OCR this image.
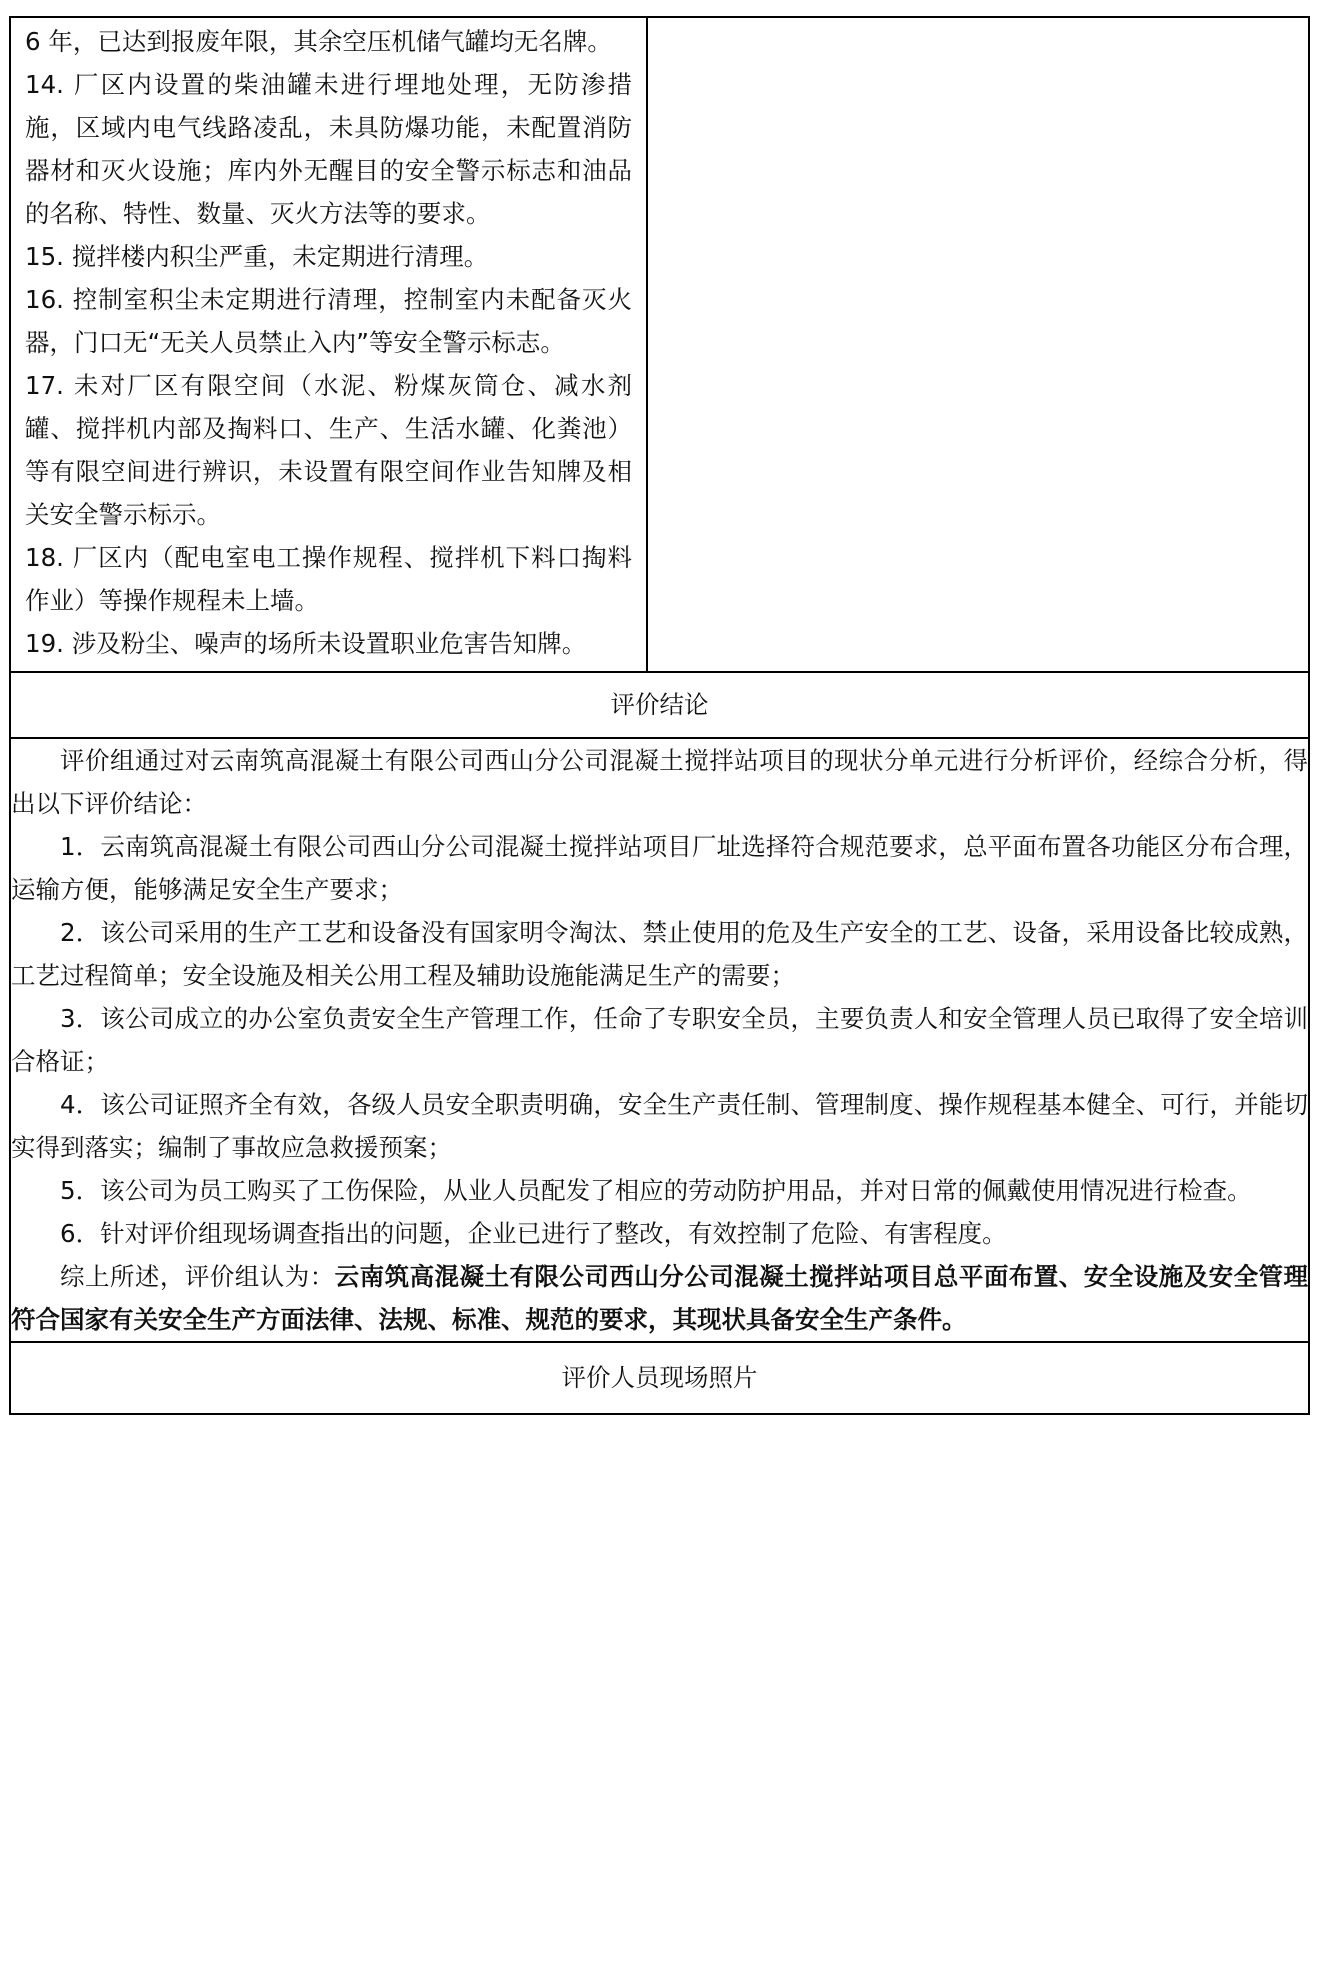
6 年，已达到报废年限，其余空压机储气罐均无名牌。

14. 厂区内设置的柴油罐未进行埋地处理，无防渗措施，区域内电气线路凌乱，未具防爆功能，未配置消防器材和灭火设施；库内外无醒目的安全警示标志和油品的名称、特性、数量、灭火方法等的要求。

15. 搅拌楼内积尘严重，未定期进行清理。

16. 控制室积尘未定期进行清理，控制室内未配备灭火器，门口无“无关人员禁止入内”等安全警示标志。

17. 未对厂区有限空间（水泥、粉煤灰筒仓、减水剂罐、搅拌机内部及掏料口、生产、生活水罐、化粪池）等有限空间进行辨识，未设置有限空间作业告知牌及相关安全警示标示。

18. 厂区内（配电室电工操作规程、搅拌机下料口掏料作业）等操作规程未上墙。

19. 涉及粉尘、噪声的场所未设置职业危害告知牌。

评价结论

评价组通过对云南筑高混凝土有限公司西山分公司混凝土搅拌站项目的现状分单元进行分析评价，经综合分析，得出以下评价结论：

1．云南筑高混凝土有限公司西山分公司混凝土搅拌站项目厂址选择符合规范要求，总平面布置各功能区分布合理，运输方便，能够满足安全生产要求；

2．该公司采用的生产工艺和设备没有国家明令淘汰、禁止使用的危及生产安全的工艺、设备，采用设备比较成熟，工艺过程简单；安全设施及相关公用工程及辅助设施能满足生产的需要；

3．该公司成立的办公室负责安全生产管理工作，任命了专职安全员，主要负责人和安全管理人员已取得了安全培训合格证；

4．该公司证照齐全有效，各级人员安全职责明确，安全生产责任制、管理制度、操作规程基本健全、可行，并能切实得到落实；编制了事故应急救援预案；

5．该公司为员工购买了工伤保险，从业人员配发了相应的劳动防护用品，并对日常的佩戴使用情况进行检查。

6．针对评价组现场调查指出的问题，企业已进行了整改，有效控制了危险、有害程度。

综上所述，评价组认为：云南筑高混凝土有限公司西山分公司混凝土搅拌站项目总平面布置、安全设施及安全管理符合国家有关安全生产方面法律、法规、标准、规范的要求，其现状具备安全生产条件。

评价人员现场照片
